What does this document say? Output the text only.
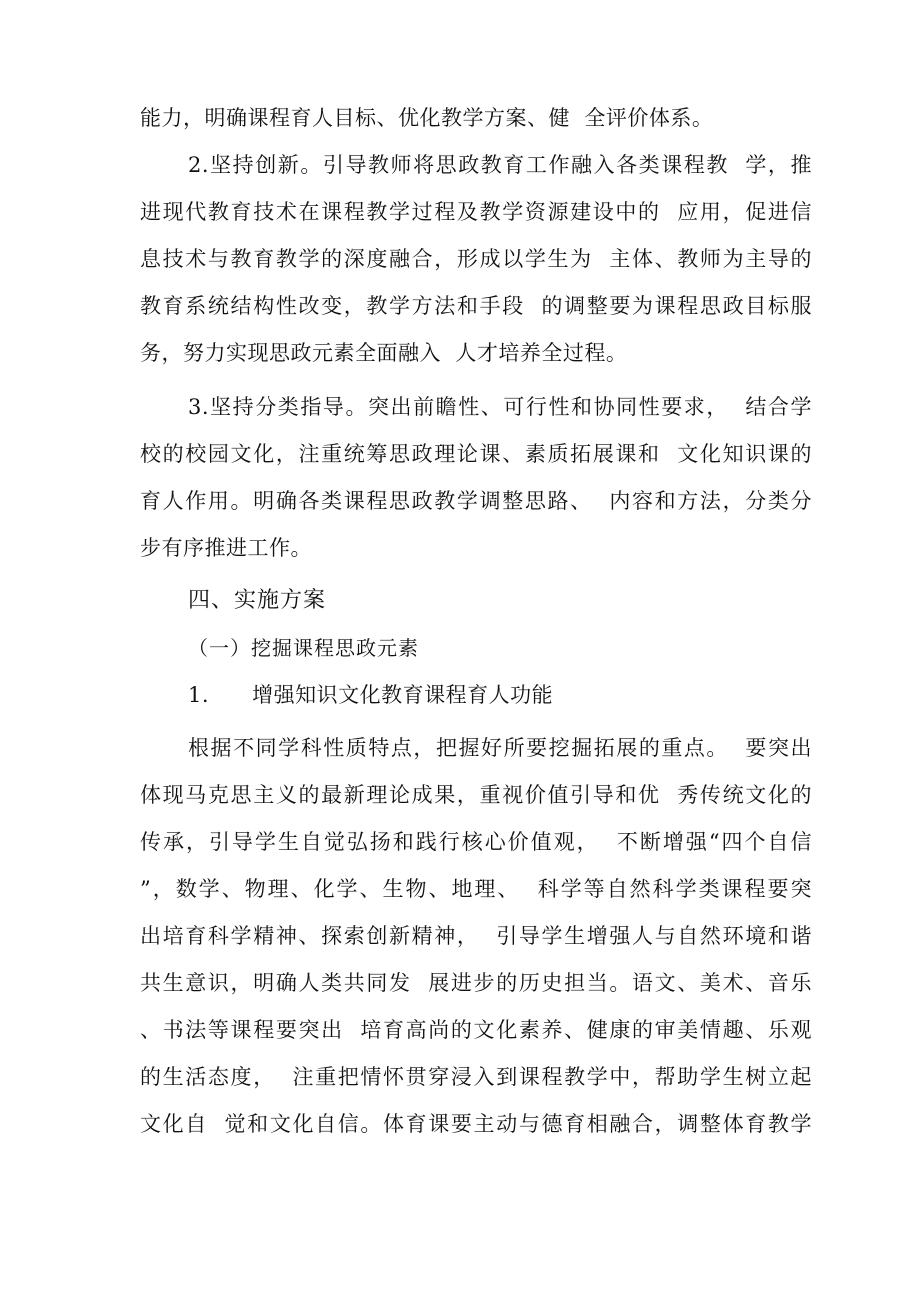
能力，明确课程育人目标、优化教学方案、健  全评价体系。
2.坚持创新。引导教师将思政教育工作融入各类课程教  学，推
进现代教育技术在课程教学过程及教学资源建设中的  应用，促进信
息技术与教育教学的深度融合，形成以学生为  主体、教师为主导的
教育系统结构性改变，教学方法和手段  的调整要为课程思政目标服
务，努力实现思政元素全面融入  人才培养全过程。
3.坚持分类指导。突出前瞻性、可行性和协同性要求，  结合学
校的校园文化，注重统筹思政理论课、素质拓展课和  文化知识课的
育人作用。明确各类课程思政教学调整思路、  内容和方法，分类分
步有序推进工作。
四、实施方案
（一）挖掘课程思政元素
1.      增强知识文化教育课程育人功能
根据不同学科性质特点，把握好所要挖掘拓展的重点。  要突出
体现马克思主义的最新理论成果，重视价值引导和优  秀传统文化的
传承，引导学生自觉弘扬和践行核心价值观，  不断增强“四个自信
”，数学、物理、化学、生物、地理、  科学等自然科学类课程要突
出培育科学精神、探索创新精神，  引导学生增强人与自然环境和谐
共生意识，明确人类共同发  展进步的历史担当。语文、美术、音乐
、书法等课程要突出  培育高尚的文化素养、健康的审美情趣、乐观
的生活态度，  注重把情怀贯穿浸入到课程教学中，帮助学生树立起
文化自  觉和文化自信。体育课要主动与德育相融合，调整体育教学
